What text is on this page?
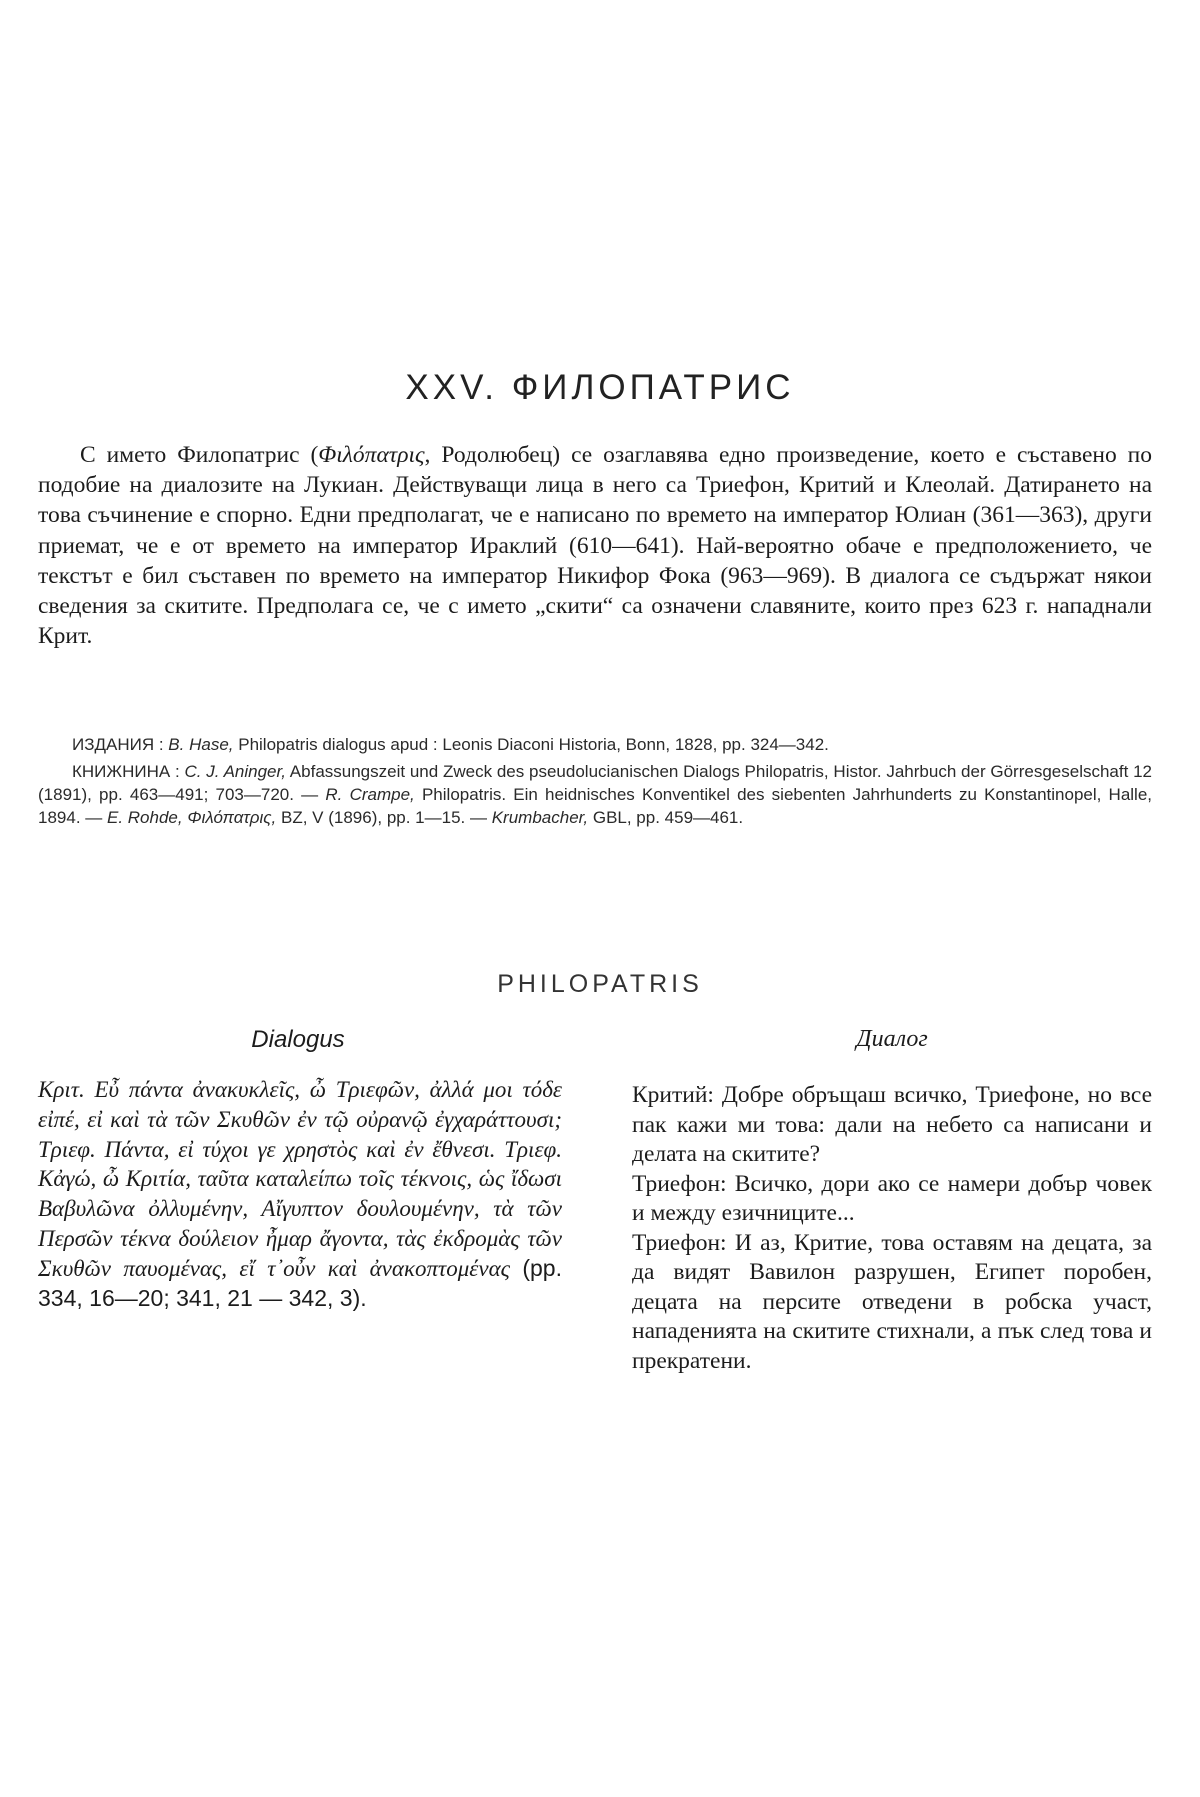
XXV. ФИЛОПАТРИС

С името Филопатрис (Φιλόπατρις, Родолюбец) се озаглавява едно произведение, което е съставено по подобие на диалозите на Лукиан. Действуващи лица в него са Триефон, Критий и Клеолай. Датирането на това съчинение е спорно. Едни предполагат, че е написано по времето на император Юлиан (361—363), други приемат, че е от времето на император Ираклий (610—641). Най-вероятно обаче е предположението, че текстът е бил съставен по времето на император Никифор Фока (963—969). В диалога се съдържат някои сведения за скитите. Предполага се, че с името „скити“ са означени славяните, които през 623 г. нападнали Крит.

ИЗДАНИЯ : B. Hase, Philopatris dialogus apud : Leonis Diaconi Historia, Bonn, 1828, pp. 324—342.

КНИЖНИНА : C. J. Aninger, Abfassungszeit und Zweck des pseudolucianischen Dialogs Philopatris, Histor. Jahrbuch der Görresgeselschaft 12 (1891), pp. 463—491; 703—720. — R. Crampe, Philopatris. Ein heidnisches Konventikel des siebenten Jahrhunderts zu Konstantinopel, Halle, 1894. — E. Rohde, Φιλόπατρις, BZ, V (1896), pp. 1—15. — Krumbacher, GBL, pp. 459—461.

PHILOPATRIS
Dialogus	Диалог

Κριτ. Εὖ πάντα ἀνακυκλεῖς, ὦ Τριεφῶν, ἀλλά μοι τόδε εἰπέ, εἰ καὶ τὰ τῶν Σκυθῶν ἐν τῷ οὐρανῷ ἐγχαράττουσι; Τριεφ. Πάντα, εἰ τύχοι γε χρηστὸς καὶ ἐν ἔθνεσι. Τριεφ. Κἀγώ, ὦ Κριτία, ταῦτα καταλείπω τοῖς τέκνοις, ὡς ἴδωσι Βαβυλῶνα ὀλλυμένην, Αἴγυπτον δουλουμένην, τὰ τῶν Περσῶν τέκνα δούλειον ἦμαρ ἄγοντα, τὰς ἐκδρομὰς τῶν Σκυθῶν παυομένας, εἴ τ᾽οὖν καὶ ἀνακοπτομένας (pp. 334, 16—20; 341, 21 — 342, 3).

Критий: Добре обръщаш всичко, Триефоне, но все пак кажи ми това: дали на небето са написани и делата на скитите?

Триефон: Всичко, дори ако се намери добър човек и между езичниците...

Триефон: И аз, Критие, това оставям на децата, за да видят Вавилон разрушен, Египет поробен, децата на персите отведени в робска участ, нападенията на скитите стихнали, а пък след това и прекратени.
